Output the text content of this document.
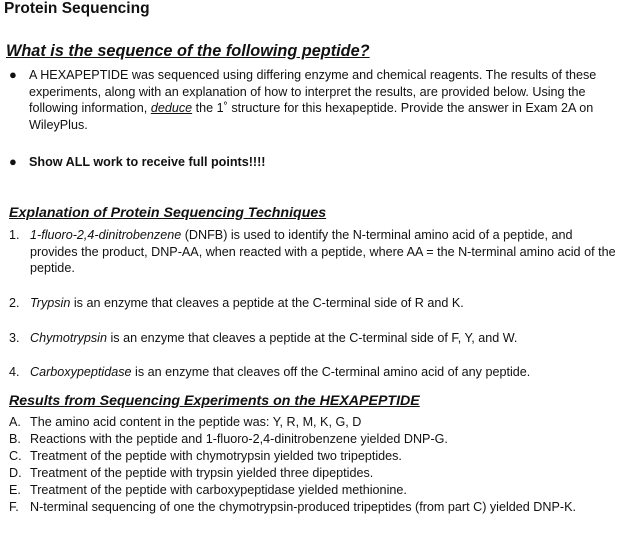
Protein Sequencing
What is the sequence of the following peptide?
● A HEXAPEPTIDE was sequenced using differing enzyme and chemical reagents. The results of these experiments, along with an explanation of how to interpret the results, are provided below. Using the following information, deduce the 1˚ structure for this hexapeptide. Provide the answer in Exam 2A on WileyPlus.
● Show ALL work to receive full points!!!!
Explanation of Protein Sequencing Techniques
1. 1-fluoro-2,4-dinitrobenzene (DNFB) is used to identify the N-terminal amino acid of a peptide, and provides the product, DNP-AA, when reacted with a peptide, where AA = the N-terminal amino acid of the peptide.
2. Trypsin is an enzyme that cleaves a peptide at the C-terminal side of R and K.
3. Chymotrypsin is an enzyme that cleaves a peptide at the C-terminal side of F, Y, and W.
4. Carboxypeptidase is an enzyme that cleaves off the C-terminal amino acid of any peptide.
Results from Sequencing Experiments on the HEXAPEPTIDE
A. The amino acid content in the peptide was: Y, R, M, K, G, D
B. Reactions with the peptide and 1-fluoro-2,4-dinitrobenzene yielded DNP-G.
C. Treatment of the peptide with chymotrypsin yielded two tripeptides.
D. Treatment of the peptide with trypsin yielded three dipeptides.
E. Treatment of the peptide with carboxypeptidase yielded methionine.
F. N-terminal sequencing of one the chymotrypsin-produced tripeptides (from part C) yielded DNP-K.
